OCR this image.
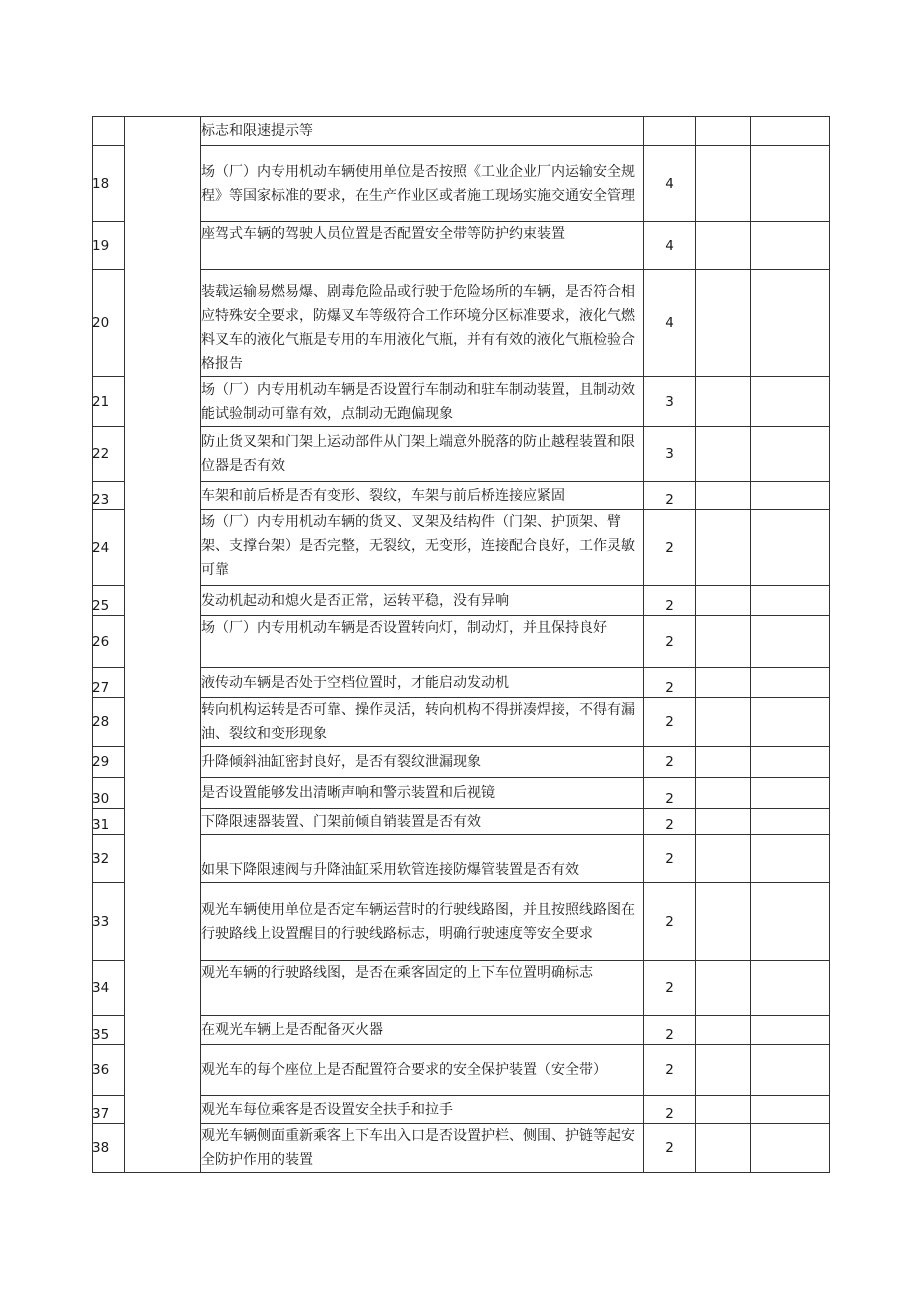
		标志和限速提示等			
18		场（厂）内专用机动车辆使用单位是否按照《工业企业厂内运输安全规程》等国家标准的要求，在生产作业区或者施工现场实施交通安全管理	4		
19		座驾式车辆的驾驶人员位置是否配置安全带等防护约束装置	4		
20		装载运输易燃易爆、剧毒危险品或行驶于危险场所的车辆，是否符合相应特殊安全要求，防爆叉车等级符合工作环境分区标准要求，液化气燃料叉车的液化气瓶是专用的车用液化气瓶，并有有效的液化气瓶检验合格报告	4		
21		场（厂）内专用机动车辆是否设置行车制动和驻车制动装置，且制动效能试验制动可靠有效，点制动无跑偏现象	3		
22		防止货叉架和门架上运动部件从门架上端意外脱落的防止越程装置和限位器是否有效	3		
23		车架和前后桥是否有变形、裂纹，车架与前后桥连接应紧固	2		
24		场（厂）内专用机动车辆的货叉、叉架及结构件（门架、护顶架、臂架、支撑台架）是否完整，无裂纹，无变形，连接配合良好，工作灵敏可靠	2		
25		发动机起动和熄火是否正常，运转平稳，没有异响	2		
26		场（厂）内专用机动车辆是否设置转向灯，制动灯，并且保持良好	2		
27		液传动车辆是否处于空档位置时，才能启动发动机	2		
28		转向机构运转是否可靠、操作灵活，转向机构不得拼凑焊接，不得有漏油、裂纹和变形现象	2		
29		升降倾斜油缸密封良好，是否有裂纹泄漏现象	2		
30		是否设置能够发出清晰声响和警示装置和后视镜	2		
31		下降限速器装置、门架前倾自销装置是否有效	2		
32		如果下降限速阀与升降油缸采用软管连接防爆管装置是否有效	2		
33		观光车辆使用单位是否定车辆运营时的行驶线路图，并且按照线路图在行驶路线上设置醒目的行驶线路标志，明确行驶速度等安全要求	2		
34		观光车辆的行驶路线图，是否在乘客固定的上下车位置明确标志	2		
35		在观光车辆上是否配备灭火器	2		
36		观光车的每个座位上是否配置符合要求的安全保护装置（安全带）	2		
37		观光车每位乘客是否设置安全扶手和拉手	2		
38		观光车辆侧面重新乘客上下车出入口是否设置护栏、侧围、护链等起安全防护作用的装置	2		
